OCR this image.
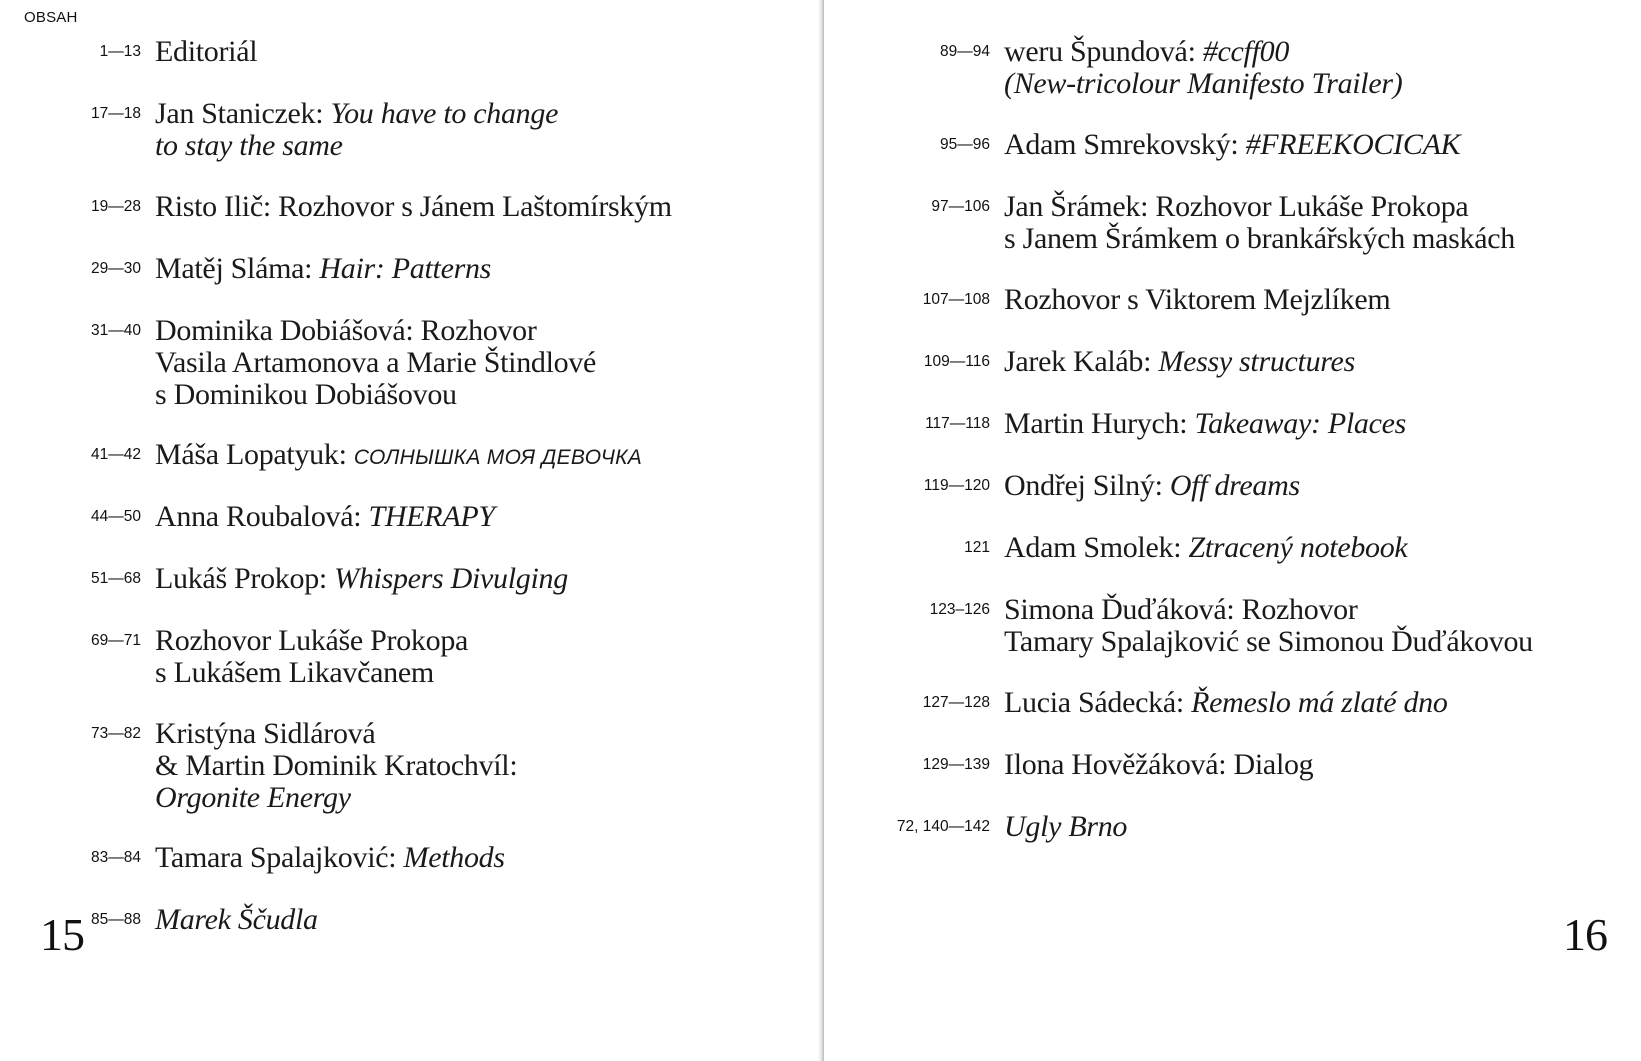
OBSAH
1—13 Editoriál
17—18 Jan Staniczek: You have to change
to stay the same
19—28 Risto Ilič: Rozhovor s Jánem Laštomírským
29—30 Matěj Sláma: Hair: Patterns
31—40 Dominika Dobiášová: Rozhovor
Vasila Artamonova a Marie Štindlové
s Dominikou Dobiášovou
41—42 Máša Lopatyuk: СОЛНЫШКА МОЯ ДЕВОЧКА
44—50 Anna Roubalová: THERAPY
51—68 Lukáš Prokop: Whispers Divulging
69—71 Rozhovor Lukáše Prokopa
s Lukášem Likavčanem
73—82 Kristýna Sidlárová
& Martin Dominik Kratochvíl:
Orgonite Energy
83—84 Tamara Spalajković: Methods
85—88 Marek Ščudla
15
89—94 weru Špundová: #ccff00
(New-tricolour Manifesto Trailer)
95—96 Adam Smrekovský: #FREEKOCICAK
97—106 Jan Šrámek: Rozhovor Lukáše Prokopa
s Janem Šrámkem o brankářských maskách
107—108 Rozhovor s Viktorem Mejzlíkem
109—116 Jarek Kaláb: Messy structures
117—118 Martin Hurych: Takeaway: Places
119—120 Ondřej Silný: Off dreams
121 Adam Smolek: Ztracený notebook
123–126 Simona Ďuďáková: Rozhovor
Tamary Spalajković se Simonou Ďuďákovou
127—128 Lucia Sádecká: Řemeslo má zlaté dno
129—139 Ilona Hověžáková: Dialog
72, 140—142 Ugly Brno
16
